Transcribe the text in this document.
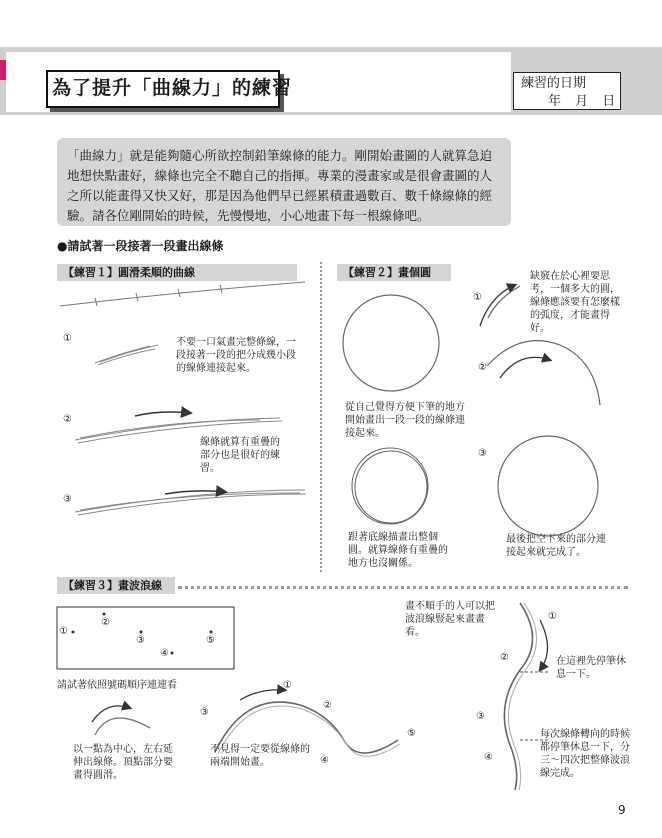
為了提升「曲線力」的練習	練習的日期
年 月 日
「曲線力」就是能夠隨心所欲控制鉛筆線條的能力。剛開始畫圖的人就算急迫地想快點畫好，線條也完全不聽自己的指揮。專業的漫畫家或是很會畫圖的人之所以能畫得又快又好，那是因為他們早已經累積畫過數百、數千條線條的經驗。請各位剛開始的時候，先慢慢地，小心地畫下每一根線條吧。
●請試著一段接著一段畫出線條
【練習１】圓滑柔順的曲線
①
②
③
不要一口氣畫完整條線，一段接著一段的把分成幾小段的線條連接起來。
線條就算有重疊的部分也是很好的練習。
【練習２】畫個圓	缺竅在於心裡要思考，一個多大的圓，線條應該要有怎麼樣的弧度，才能畫得好。
①
②
③
從自己覺得方便下筆的地方開始畫出一段一段的線條連接起來。
跟著底線描畫出整個圓。就算線條有重疊的地方也沒關係。
最後把空下來的部分連接起來就完成了。
【練習３】畫波浪線
①
②
③
④
⑤
請試著依照號碼順序連連看
以一點為中心，左右延伸出線條。頂點部分要畫得圓滑。
不見得一定要從線條的兩端開始畫。
①
②
③
④
⑤
畫不順手的人可以把波浪線豎起來畫畫看。
①
②
③
④
在這裡先停筆休息一下。
每次線條轉向的時候都停筆休息一下，分三～四次把整條波浪線完成。
9
